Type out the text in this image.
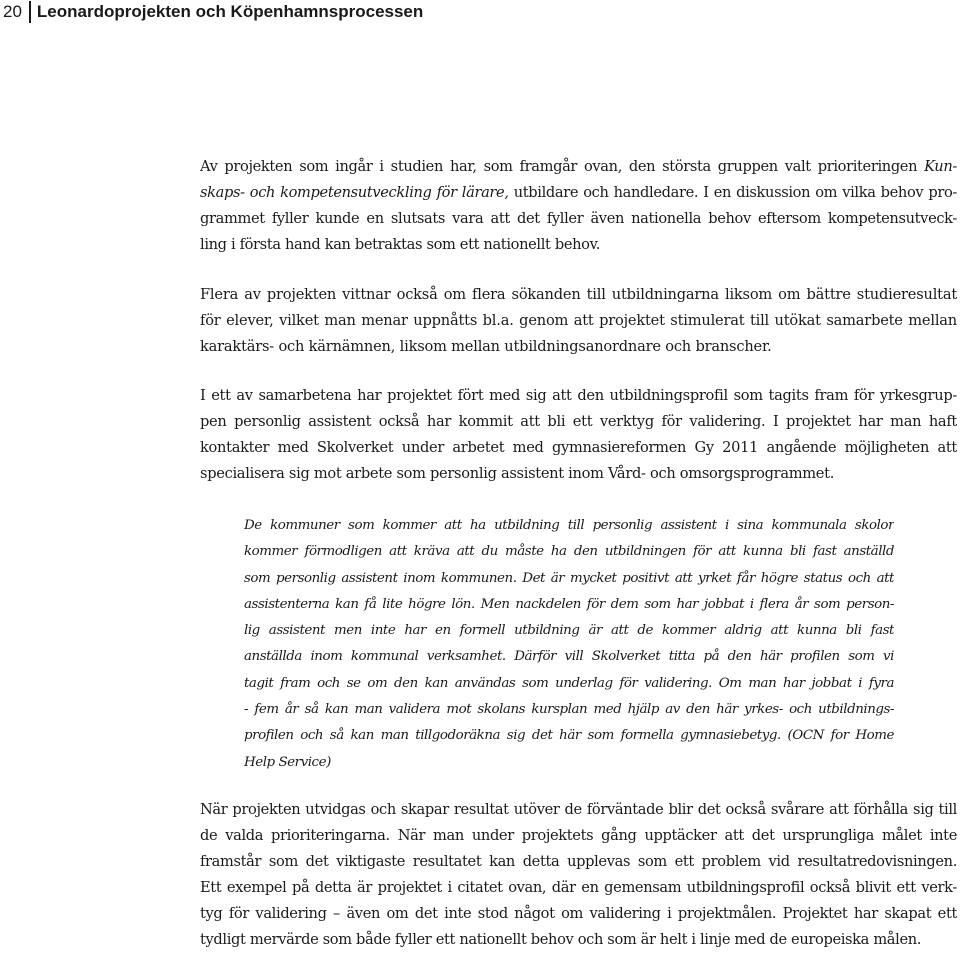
20 Leonardoprojekten och Köpenhamnsprocessen

Av projekten som ingår i studien har, som framgår ovan, den största gruppen valt prioriteringen Kun-
skaps- och kompetensutveckling för lärare, utbildare och handledare. I en diskussion om vilka behov pro-
grammet fyller kunde en slutsats vara att det fyller även nationella behov eftersom kompetensutveck-
ling i första hand kan betraktas som ett nationellt behov.

Flera av projekten vittnar också om flera sökanden till utbildningarna liksom om bättre studieresultat
för elever, vilket man menar uppnåtts bl.a. genom att projektet stimulerat till utökat samarbete mellan
karaktärs- och kärnämnen, liksom mellan utbildningsanordnare och branscher.

I ett av samarbetena har projektet fört med sig att den utbildningsprofil som tagits fram för yrkesgrup-
pen personlig assistent också har kommit att bli ett verktyg för validering. I projektet har man haft
kontakter med Skolverket under arbetet med gymnasiereformen Gy 2011 angående möjligheten att
specialisera sig mot arbete som personlig assistent inom Vård- och omsorgsprogrammet.

De kommuner som kommer att ha utbildning till personlig assistent i sina kommunala skolor
kommer förmodligen att kräva att du måste ha den utbildningen för att kunna bli fast anställd
som personlig assistent inom kommunen. Det är mycket positivt att yrket får högre status och att
assistenterna kan få lite högre lön. Men nackdelen för dem som har jobbat i flera år som person-
lig assistent men inte har en formell utbildning är att de kommer aldrig att kunna bli fast
anställda inom kommunal verksamhet. Därför vill Skolverket titta på den här profilen som vi
tagit fram och se om den kan användas som underlag för validering. Om man har jobbat i fyra
- fem år så kan man validera mot skolans kursplan med hjälp av den här yrkes- och utbildnings-
profilen och så kan man tillgodoräkna sig det här som formella gymnasiebetyg. (OCN for Home
Help Service)

När projekten utvidgas och skapar resultat utöver de förväntade blir det också svårare att förhålla sig till
de valda prioriteringarna. När man under projektets gång upptäcker att det ursprungliga målet inte
framstår som det viktigaste resultatet kan detta upplevas som ett problem vid resultatredovisningen.
Ett exempel på detta är projektet i citatet ovan, där en gemensam utbildningsprofil också blivit ett verk-
tyg för validering – även om det inte stod något om validering i projektmålen. Projektet har skapat ett
tydligt mervärde som både fyller ett nationellt behov och som är helt i linje med de europeiska målen.
